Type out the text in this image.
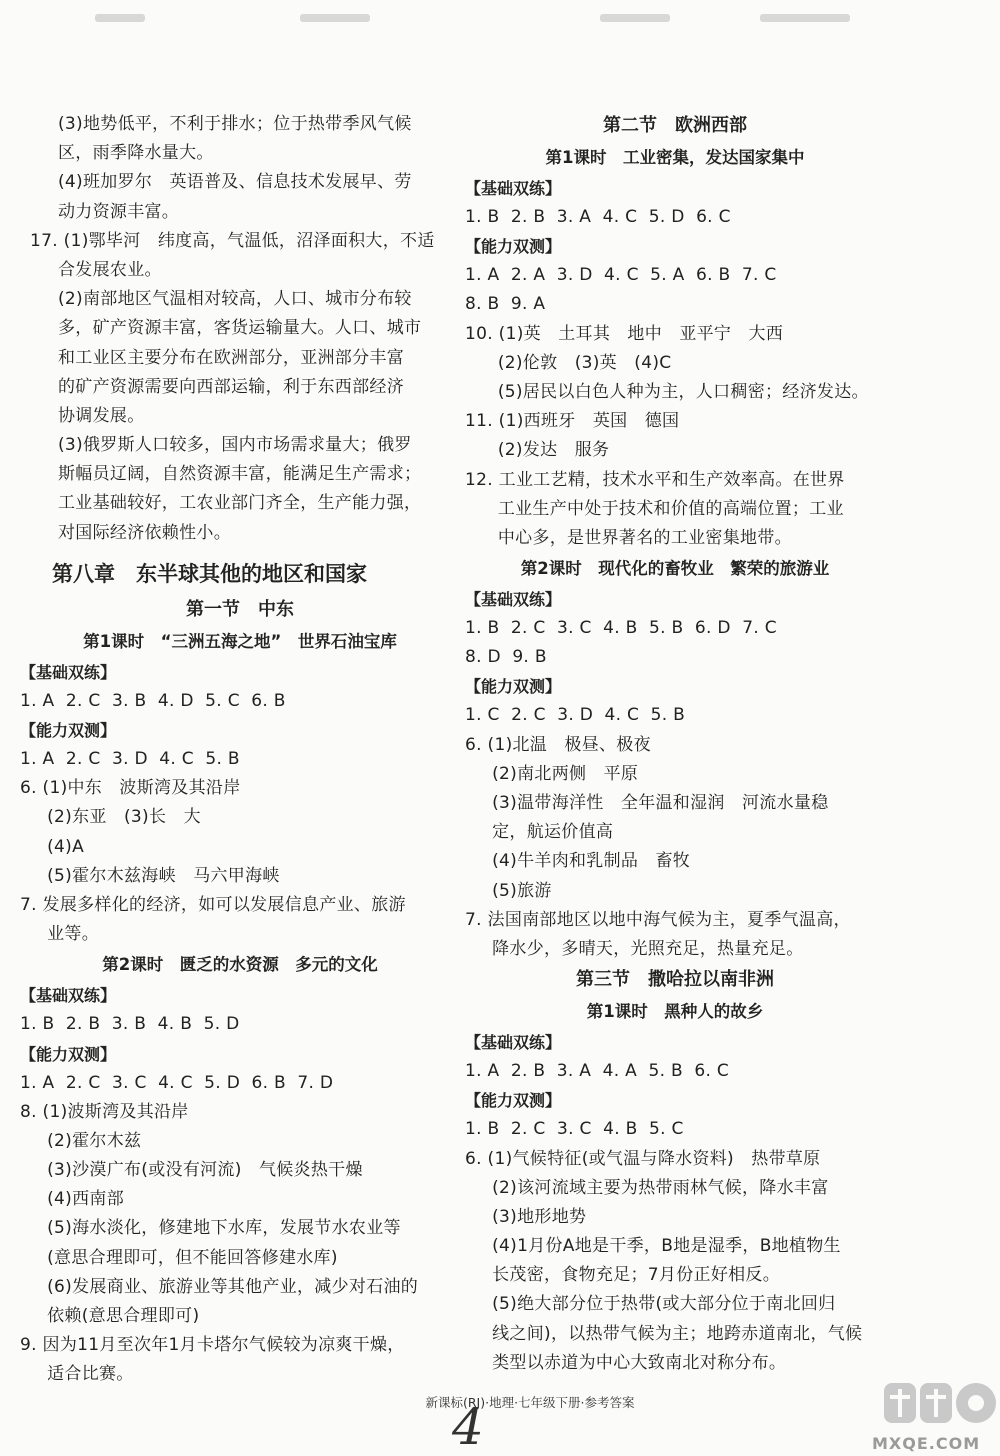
(3)地势低平，不利于排水；位于热带季风气候
区，雨季降水量大。
(4)班加罗尔　英语普及、信息技术发展早、劳
动力资源丰富。
17. (1)鄂毕河　纬度高，气温低，沼泽面积大，不适
合发展农业。
(2)南部地区气温相对较高，人口、城市分布较
多，矿产资源丰富，客货运输量大。人口、城市
和工业区主要分布在欧洲部分，亚洲部分丰富
的矿产资源需要向西部运输，利于东西部经济
协调发展。
(3)俄罗斯人口较多，国内市场需求量大；俄罗
斯幅员辽阔，自然资源丰富，能满足生产需求；
工业基础较好，工农业部门齐全，生产能力强，
对国际经济依赖性小。
第八章　东半球其他的地区和国家
第一节　中东
第1课时　“三洲五海之地”　世界石油宝库
【基础双练】
1. A  2. C  3. B  4. D  5. C  6. B
【能力双测】
1. A  2. C  3. D  4. C  5. B
6. (1)中东　波斯湾及其沿岸
(2)东亚　(3)长　大
(4)A
(5)霍尔木兹海峡　马六甲海峡
7. 发展多样化的经济，如可以发展信息产业、旅游
业等。
第2课时　匮乏的水资源　多元的文化
【基础双练】
1. B  2. B  3. B  4. B  5. D
【能力双测】
1. A  2. C  3. C  4. C  5. D  6. B  7. D
8. (1)波斯湾及其沿岸
(2)霍尔木兹
(3)沙漠广布(或没有河流)　气候炎热干燥
(4)西南部
(5)海水淡化，修建地下水库，发展节水农业等
(意思合理即可，但不能回答修建水库)
(6)发展商业、旅游业等其他产业，减少对石油的
依赖(意思合理即可)
9. 因为11月至次年1月卡塔尔气候较为凉爽干燥，
适合比赛。
第二节　欧洲西部
第1课时　工业密集，发达国家集中
【基础双练】
1. B  2. B  3. A  4. C  5. D  6. C
【能力双测】
1. A  2. A  3. D  4. C  5. A  6. B  7. C
8. B  9. A
10. (1)英　土耳其　地中　亚平宁　大西
(2)伦敦　(3)英　(4)C
(5)居民以白色人种为主，人口稠密；经济发达。
11. (1)西班牙　英国　德国
(2)发达　服务
12. 工业工艺精，技术水平和生产效率高。在世界
工业生产中处于技术和价值的高端位置；工业
中心多，是世界著名的工业密集地带。
第2课时　现代化的畜牧业　繁荣的旅游业
【基础双练】
1. B  2. C  3. C  4. B  5. B  6. D  7. C
8. D  9. B
【能力双测】
1. C  2. C  3. D  4. C  5. B
6. (1)北温　极昼、极夜
(2)南北两侧　平原
(3)温带海洋性　全年温和湿润　河流水量稳
定，航运价值高
(4)牛羊肉和乳制品　畜牧
(5)旅游
7. 法国南部地区以地中海气候为主，夏季气温高，
降水少，多晴天，光照充足，热量充足。
第三节　撒哈拉以南非洲
第1课时　黑种人的故乡
【基础双练】
1. A  2. B  3. A  4. A  5. B  6. C
【能力双测】
1. B  2. C  3. C  4. B  5. C
6. (1)气候特征(或气温与降水资料)　热带草原
(2)该河流域主要为热带雨林气候，降水丰富
(3)地形地势
(4)1月份A地是干季，B地是湿季，B地植物生
长茂密，食物充足；7月份正好相反。
(5)绝大部分位于热带(或大部分位于南北回归
线之间)，以热带气候为主；地跨赤道南北，气候
类型以赤道为中心大致南北对称分布。
新课标(RJ)·地理·七年级下册·参考答案
4	MXQE.COM
